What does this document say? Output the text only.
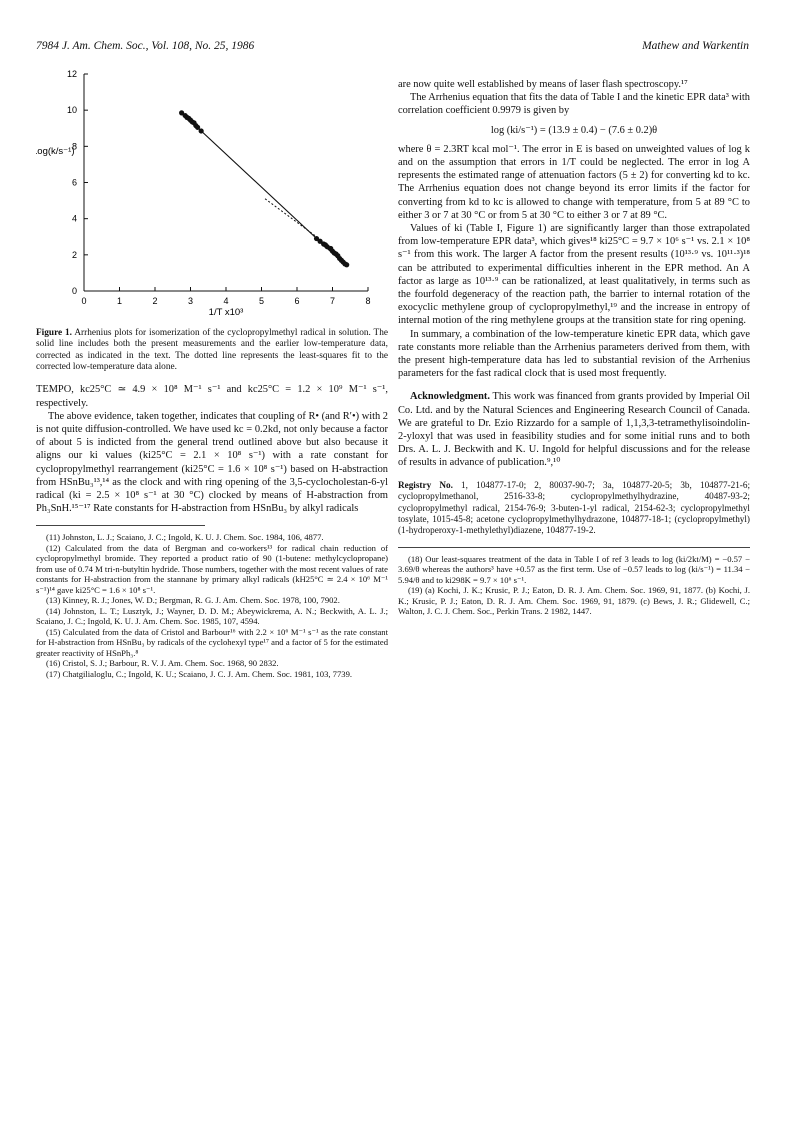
7984 J. Am. Chem. Soc., Vol. 108, No. 25, 1986	Mathew and Warkentin
0	1	2	3	4	5	6	7	8
0
2
4
6
8
10
12
Log(k/s⁻¹)
1/T x10³
Figure 1. Arrhenius plots for isomerization of the cyclopropylmethyl radical in solution. The solid line includes both the present measurements and the earlier low-temperature data, corrected as indicated in the text. The dotted line represents the least-squares fit to the corrected low-temperature data alone.

TEMPO, kc25°C ≃ 4.9 × 10⁸ M⁻¹ s⁻¹ and kc25°C = 1.2 × 10⁹ M⁻¹ s⁻¹, respectively.

The above evidence, taken together, indicates that coupling of R• (and R′•) with 2 is not quite diffusion-controlled. We have used kc = 0.2kd, not only because a factor of about 5 is indicted from the general trend outlined above but also because it aligns our ki values (ki25°C = 2.1 × 10⁸ s⁻¹) with a rate constant for cyclopropylmethyl rearrangement (ki25°C = 1.6 × 10⁸ s⁻¹) based on H-abstraction from HSnBu₃¹³,¹⁴ as the clock and with ring opening of the 3,5-cyclocholestan-6-yl radical (ki = 2.5 × 10⁸ s⁻¹ at 30 °C) clocked by means of H-abstraction from Ph₃SnH.¹⁵⁻¹⁷ Rate constants for H-abstraction from HSnBu₃ by alkyl radicals

(11) Johnston, L. J.; Scaiano, J. C.; Ingold, K. U. J. Chem. Soc. 1984, 106, 4877.

(12) Calculated from the data of Bergman and co-workers¹³ for radical chain reduction of cyclopropylmethyl bromide. They reported a product ratio of 90 (1-butene: methylcyclopropane) from use of 0.74 M tri-n-butyltin hydride. Those numbers, together with the most recent values of rate constants for H-abstraction from the stannane by primary alkyl radicals (kH25°C ≃ 2.4 × 10⁶ M⁻¹ s⁻¹)¹⁴ gave ki25°C = 1.6 × 10⁸ s⁻¹.

(13) Kinney, R. J.; Jones, W. D.; Bergman, R. G. J. Am. Chem. Soc. 1978, 100, 7902.

(14) Johnston, L. T.; Lusztyk, J.; Wayner, D. D. M.; Abeywickrema, A. N.; Beckwith, A. L. J.; Scaiano, J. C.; Ingold, K. U. J. Am. Chem. Soc. 1985, 107, 4594.

(15) Calculated from the data of Cristol and Barbour¹⁶ with 2.2 × 10⁶ M⁻¹ s⁻¹ as the rate constant for H-abstraction from HSnBu₃ by radicals of the cyclohexyl type¹⁷ and a factor of 5 for the estimated greater reactivity of HSnPh₃.⁸

(16) Cristol, S. J.; Barbour, R. V. J. Am. Chem. Soc. 1968, 90 2832.

(17) Chatgilialoglu, C.; Ingold, K. U.; Scaiano, J. C. J. Am. Chem. Soc. 1981, 103, 7739.

are now quite well established by means of laser flash spectroscopy.¹⁷

The Arrhenius equation that fits the data of Table I and the kinetic EPR data³ with correlation coefficient 0.9979 is given by

log (ki/s⁻¹) = (13.9 ± 0.4) − (7.6 ± 0.2)θ

where θ = 2.3RT kcal mol⁻¹. The error in E is based on unweighted values of log k and on the assumption that errors in 1/T could be neglected. The error in log A represents the estimated range of attenuation factors (5 ± 2) for converting kd to kc. The Arrhenius equation does not change beyond its error limits if the factor for converting from kd to kc is allowed to change with temperature, from 5 at 89 °C to either 3 or 7 at 30 °C or from 5 at 30 °C to either 3 or 7 at 89 °C.

Values of ki (Table I, Figure 1) are significantly larger than those extrapolated from low-temperature EPR data³, which gives¹⁸ ki25°C = 9.7 × 10⁶ s⁻¹ vs. 2.1 × 10⁸ s⁻¹ from this work. The larger A factor from the present results (10¹³·⁹ vs. 10¹¹·³)¹⁸ can be attributed to experimental difficulties inherent in the EPR method. An A factor as large as 10¹³·⁹ can be rationalized, at least qualitatively, in terms such as the fourfold degeneracy of the reaction path, the barrier to internal rotation of the exocyclic methylene group of cyclopropylmethyl,¹⁹ and the increase in entropy of internal motion of the ring methylene groups at the transition state for ring opening.

In summary, a combination of the low-temperature kinetic EPR data, which gave rate constants more reliable than the Arrhenius parameters derived from them, with the present high-temperature data has led to substantial revision of the Arrhenius parameters for the fast radical clock that is used most frequently.

Acknowledgment. This work was financed from grants provided by Imperial Oil Co. Ltd. and by the Natural Sciences and Engineering Research Council of Canada. We are grateful to Dr. Ezio Rizzardo for a sample of 1,1,3,3-tetramethylisoindolin-2-yloxyl that was used in feasibility studies and for some initial runs and to both Drs. A. L. J. Beckwith and K. U. Ingold for helpful discussions and for the release of results in advance of publication.⁹,¹⁰

Registry No. 1, 104877-17-0; 2, 80037-90-7; 3a, 104877-20-5; 3b, 104877-21-6; cyclopropylmethanol, 2516-33-8; cyclopropylmethylhydrazine, 40487-93-2; cyclopropylmethyl radical, 2154-76-9; 3-buten-1-yl radical, 2154-62-3; cyclopropylmethyl tosylate, 1015-45-8; acetone cyclopropylmethylhydrazone, 104877-18-1; (cyclopropylmethyl)(1-hydroperoxy-1-methylethyl)diazene, 104877-19-2.

(18) Our least-squares treatment of the data in Table I of ref 3 leads to log (ki/2kt/M) = −0.57 − 3.69/θ whereas the authors³ have +0.57 as the first term. Use of −0.57 leads to log (ki/s⁻¹) = 11.34 − 5.94/θ and to ki298K = 9.7 × 10⁶ s⁻¹.

(19) (a) Kochi, J. K.; Krusic, P. J.; Eaton, D. R. J. Am. Chem. Soc. 1969, 91, 1877. (b) Kochi, J. K.; Krusic, P. J.; Eaton, D. R. J. Am. Chem. Soc. 1969, 91, 1879. (c) Bews, J. R.; Glidewell, C.; Walton, J. C. J. Chem. Soc., Perkin Trans. 2 1982, 1447.
